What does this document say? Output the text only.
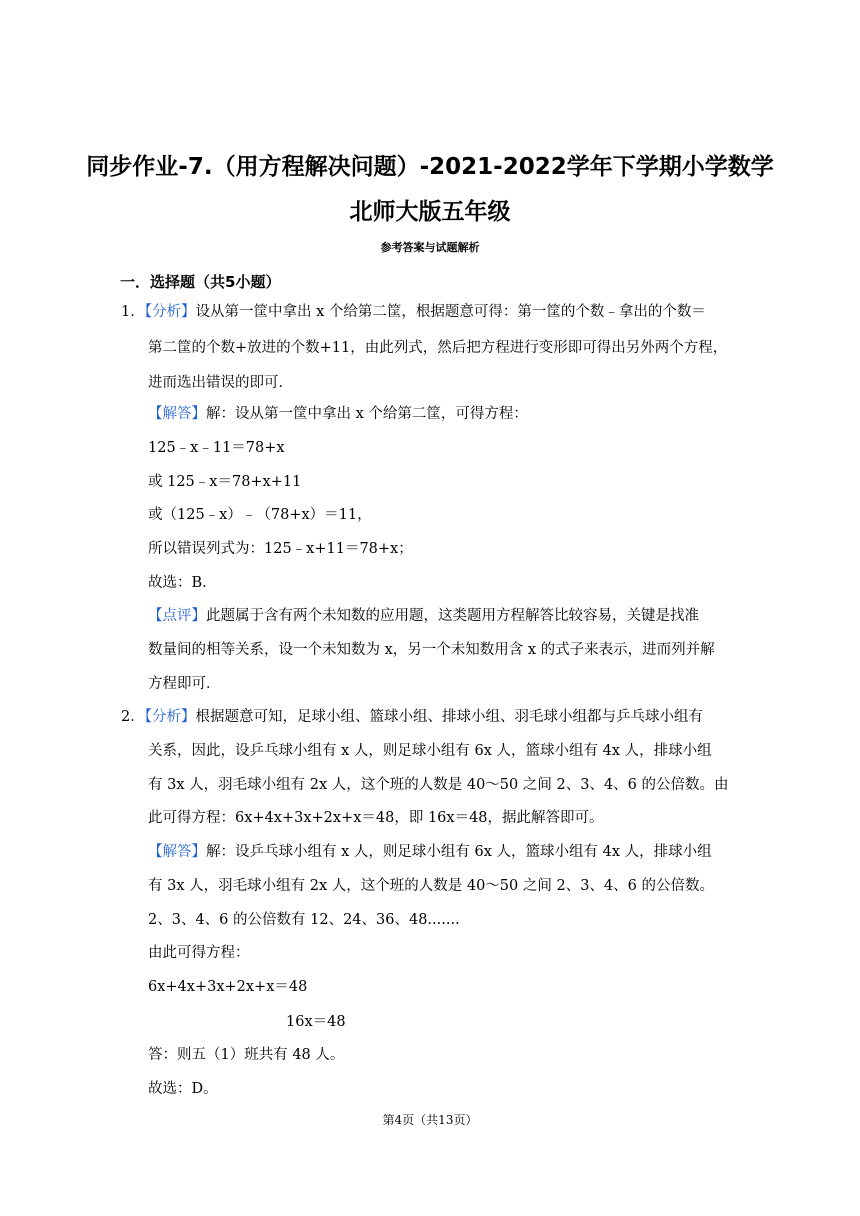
同步作业-7.（用方程解决问题）-2021-2022学年下学期小学数学
北师大版五年级
参考答案与试题解析
一．选择题（共5小题）
1．【分析】设从第一筐中拿出 x 个给第二筐，根据题意可得：第一筐的个数﹣拿出的个数＝
第二筐的个数+放进的个数+11，由此列式，然后把方程进行变形即可得出另外两个方程，
进而选出错误的即可．
【解答】解：设从第一筐中拿出 x 个给第二筐，可得方程：
125﹣x﹣11＝78+x
或 125﹣x＝78+x+11
或（125﹣x）﹣（78+x）＝11，
所以错误列式为：125﹣x+11＝78+x；
故选：B．
【点评】此题属于含有两个未知数的应用题，这类题用方程解答比较容易，关键是找准
数量间的相等关系，设一个未知数为 x，另一个未知数用含 x 的式子来表示，进而列并解
方程即可．
2．【分析】根据题意可知，足球小组、篮球小组、排球小组、羽毛球小组都与乒乓球小组有
关系，因此，设乒乓球小组有 x 人，则足球小组有 6x 人，篮球小组有 4x 人，排球小组
有 3x 人，羽毛球小组有 2x 人，这个班的人数是 40～50 之间 2、3、4、6 的公倍数。由
此可得方程：6x+4x+3x+2x+x＝48，即 16x＝48，据此解答即可。
【解答】解：设乒乓球小组有 x 人，则足球小组有 6x 人，篮球小组有 4x 人，排球小组
有 3x 人，羽毛球小组有 2x 人，这个班的人数是 40～50 之间 2、3、4、6 的公倍数。
2、3、4、6 的公倍数有 12、24、36、48.......
由此可得方程：
6x+4x+3x+2x+x＝48
16x＝48
答：则五（1）班共有 48 人。
故选：D。
第4页（共13页）
